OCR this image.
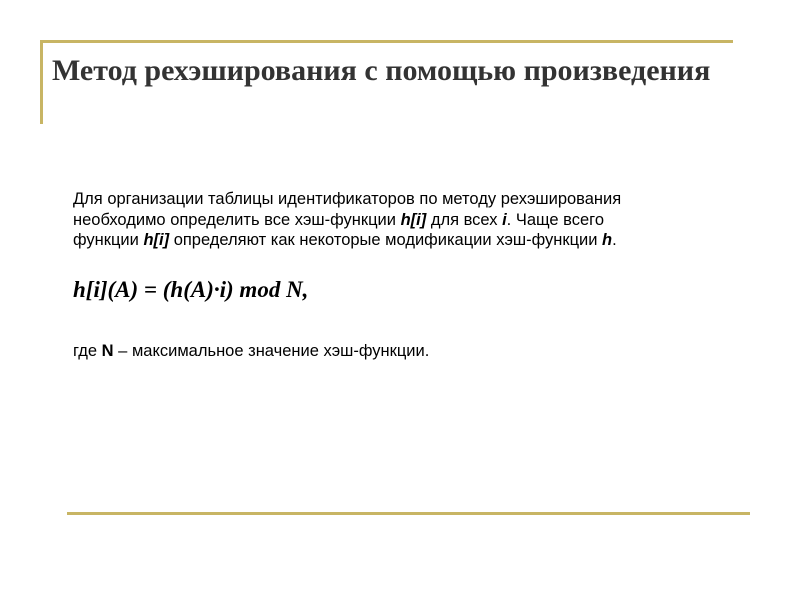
Метод рехэширования с помощью произведения

Для организации таблицы идентификаторов по методу рехэширования
необходимо определить все хэш-функции h[i] для всех i. Чаще всего
функции h[i] определяют как некоторые модификации хэш-функции h.

h[i](A) = (h(A)·i) mod N,

где N – максимальное значение хэш-функции.
